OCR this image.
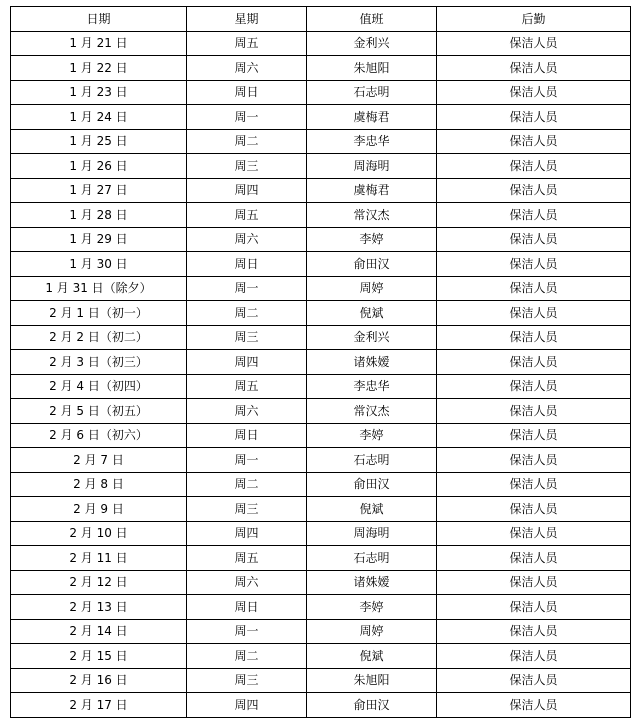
日期	星期	值班	后勤
1 月 21 日	周五	金利兴	保洁人员
1 月 22 日	周六	朱旭阳	保洁人员
1 月 23 日	周日	石志明	保洁人员
1 月 24 日	周一	虞梅君	保洁人员
1 月 25 日	周二	李忠华	保洁人员
1 月 26 日	周三	周海明	保洁人员
1 月 27 日	周四	虞梅君	保洁人员
1 月 28 日	周五	常汉杰	保洁人员
1 月 29 日	周六	李婷	保洁人员
1 月 30 日	周日	俞田汉	保洁人员
1 月 31 日（除夕）	周一	周婷	保洁人员
2 月 1 日（初一）	周二	倪斌	保洁人员
2 月 2 日（初二）	周三	金利兴	保洁人员
2 月 3 日（初三）	周四	诸姝嫒	保洁人员
2 月 4 日（初四）	周五	李忠华	保洁人员
2 月 5 日（初五）	周六	常汉杰	保洁人员
2 月 6 日（初六）	周日	李婷	保洁人员
2 月 7 日	周一	石志明	保洁人员
2 月 8 日	周二	俞田汉	保洁人员
2 月 9 日	周三	倪斌	保洁人员
2 月 10 日	周四	周海明	保洁人员
2 月 11 日	周五	石志明	保洁人员
2 月 12 日	周六	诸姝嫒	保洁人员
2 月 13 日	周日	李婷	保洁人员
2 月 14 日	周一	周婷	保洁人员
2 月 15 日	周二	倪斌	保洁人员
2 月 16 日	周三	朱旭阳	保洁人员
2 月 17 日	周四	俞田汉	保洁人员
